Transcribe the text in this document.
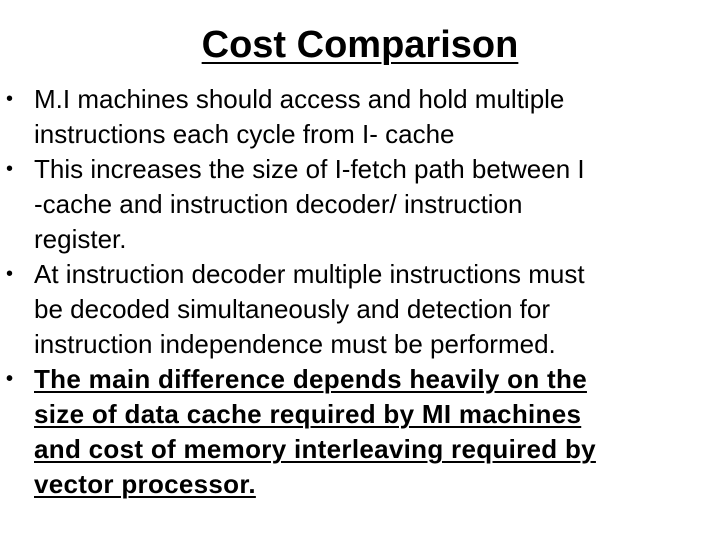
Cost Comparison
• M.I machines should access and hold multiple
instructions each cycle from I- cache
• This increases the size of I-fetch path between I
-cache and instruction decoder/ instruction
register.
• At instruction decoder multiple instructions must
be decoded simultaneously and detection for
instruction independence must be performed.
• The main difference depends heavily on the
size of data cache required by MI machines
and cost of memory interleaving required by
vector processor.
